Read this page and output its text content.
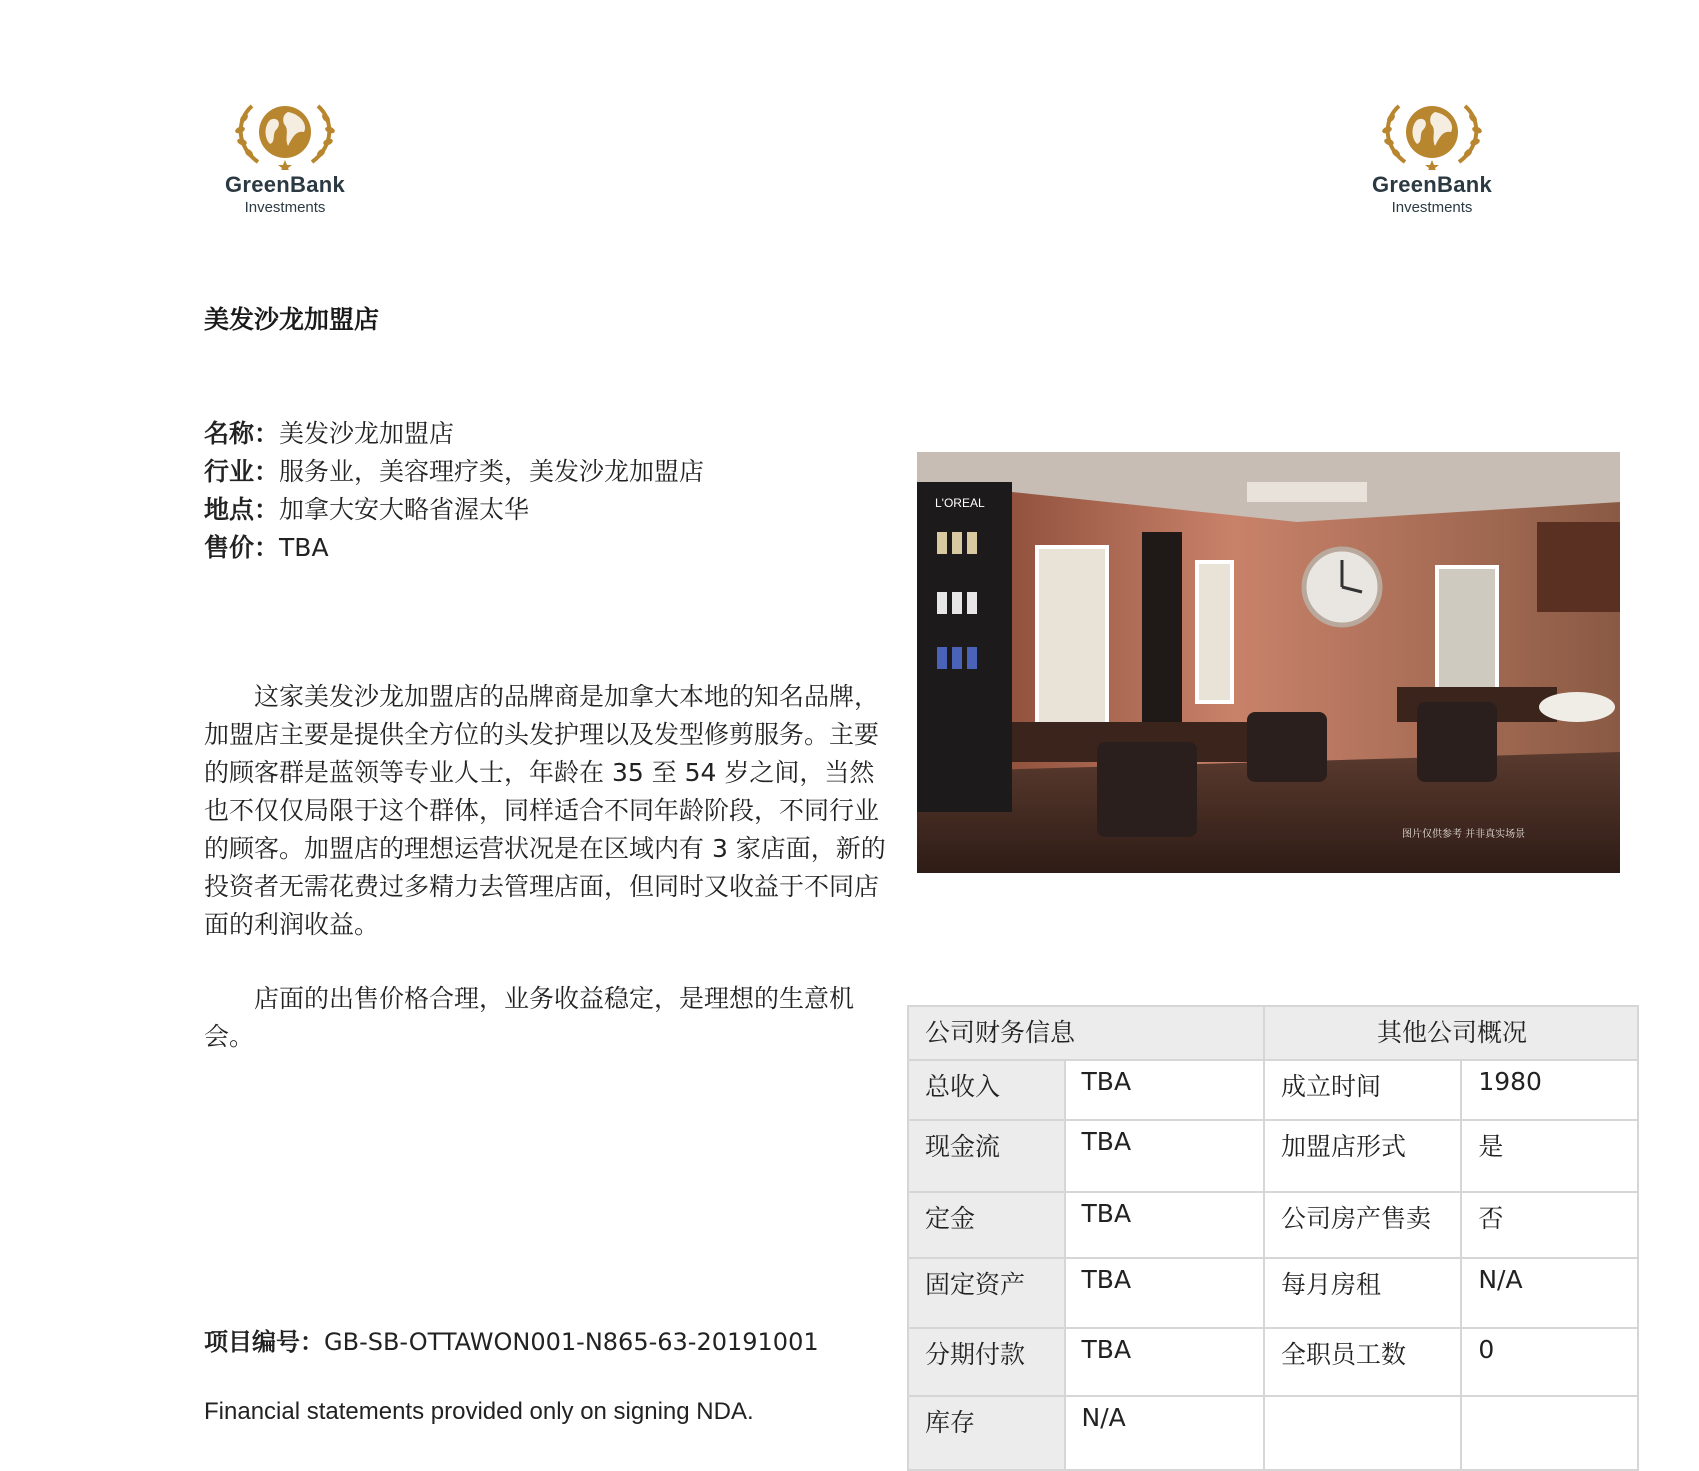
GreenBank
Investments
GreenBank
Investments
美发沙龙加盟店
名称：美发沙龙加盟店
行业：服务业，美容理疗类，美发沙龙加盟店
地点：加拿大安大略省渥太华
售价：TBA
这家美发沙龙加盟店的品牌商是加拿大本地的知名品牌，加盟店主要是提供全方位的头发护理以及发型修剪服务。主要的顾客群是蓝领等专业人士，年龄在 35 至 54 岁之间，当然也不仅仅局限于这个群体，同样适合不同年龄阶段，不同行业的顾客。加盟店的理想运营状况是在区域内有 3 家店面，新的投资者无需花费过多精力去管理店面，但同时又收益于不同店面的利润收益。
店面的出售价格合理，业务收益稳定，是理想的生意机会。
项目编号：GB-SB-OTTAWON001-N865-63-20191001
Financial statements provided only on signing NDA.
L'OREAL
图片仅供参考 并非真实场景
公司财务信息		其他公司概况	
总收入	TBA	成立时间	1980
现金流	TBA	加盟店形式	是
定金	TBA	公司房产售卖	否
固定资产	TBA	每月房租	N/A
分期付款	TBA	全职员工数	0
库存	N/A		
